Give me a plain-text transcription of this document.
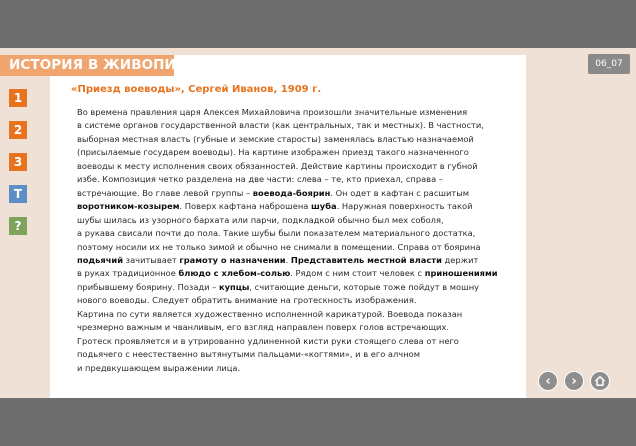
ИСТОРИЯ В ЖИВОПИСИ	06_07
1
2
3
Т
?
«Приезд воеводы», Сергей Иванов, 1909 г.

Во времена правления царя Алексея Михайловича произошли значительные изменения

в системе органов государственной власти (как центральных, так и местных). В частности,

выборная местная власть (губные и земские старосты) заменялась властью назначаемой

(присылаемые государем воеводы). На картине изображен приезд такого назначенного

воеводы к месту исполнения своих обязанностей. Действие картины происходит в губной

избе. Композиция четко разделена на две части: слева – те, кто приехал, справа –

встречающие. Во главе левой группы – воевода-боярин. Он одет в кафтан с расшитым

воротником-козырем. Поверх кафтана наброшена шуба. Наружная поверхность такой

шубы шилась из узорного бархата или парчи, подкладкой обычно был мех соболя,

а рукава свисали почти до пола. Такие шубы были показателем материального достатка,

поэтому носили их не только зимой и обычно не снимали в помещении. Справа от боярина

подьячий зачитывает грамоту о назначении. Представитель местной власти держит

в руках традиционное блюдо с хлебом-солью. Рядом с ним стоит человек с приношениями

прибывшему боярину. Позади – купцы, считающие деньги, которые тоже пойдут в мошну

нового воеводы. Следует обратить внимание на гротескность изображения.

Картина по сути является художественно исполненной карикатурой. Воевода показан

чрезмерно важным и чванливым, его взгляд направлен поверх голов встречающих.

Гротеск проявляется и в утрированно удлиненной кисти руки стоящего слева от него

подьячего с неестественно вытянутыми пальцами-«когтями», и в его алчном

и предвкушающем выражении лица.

‹ ›
